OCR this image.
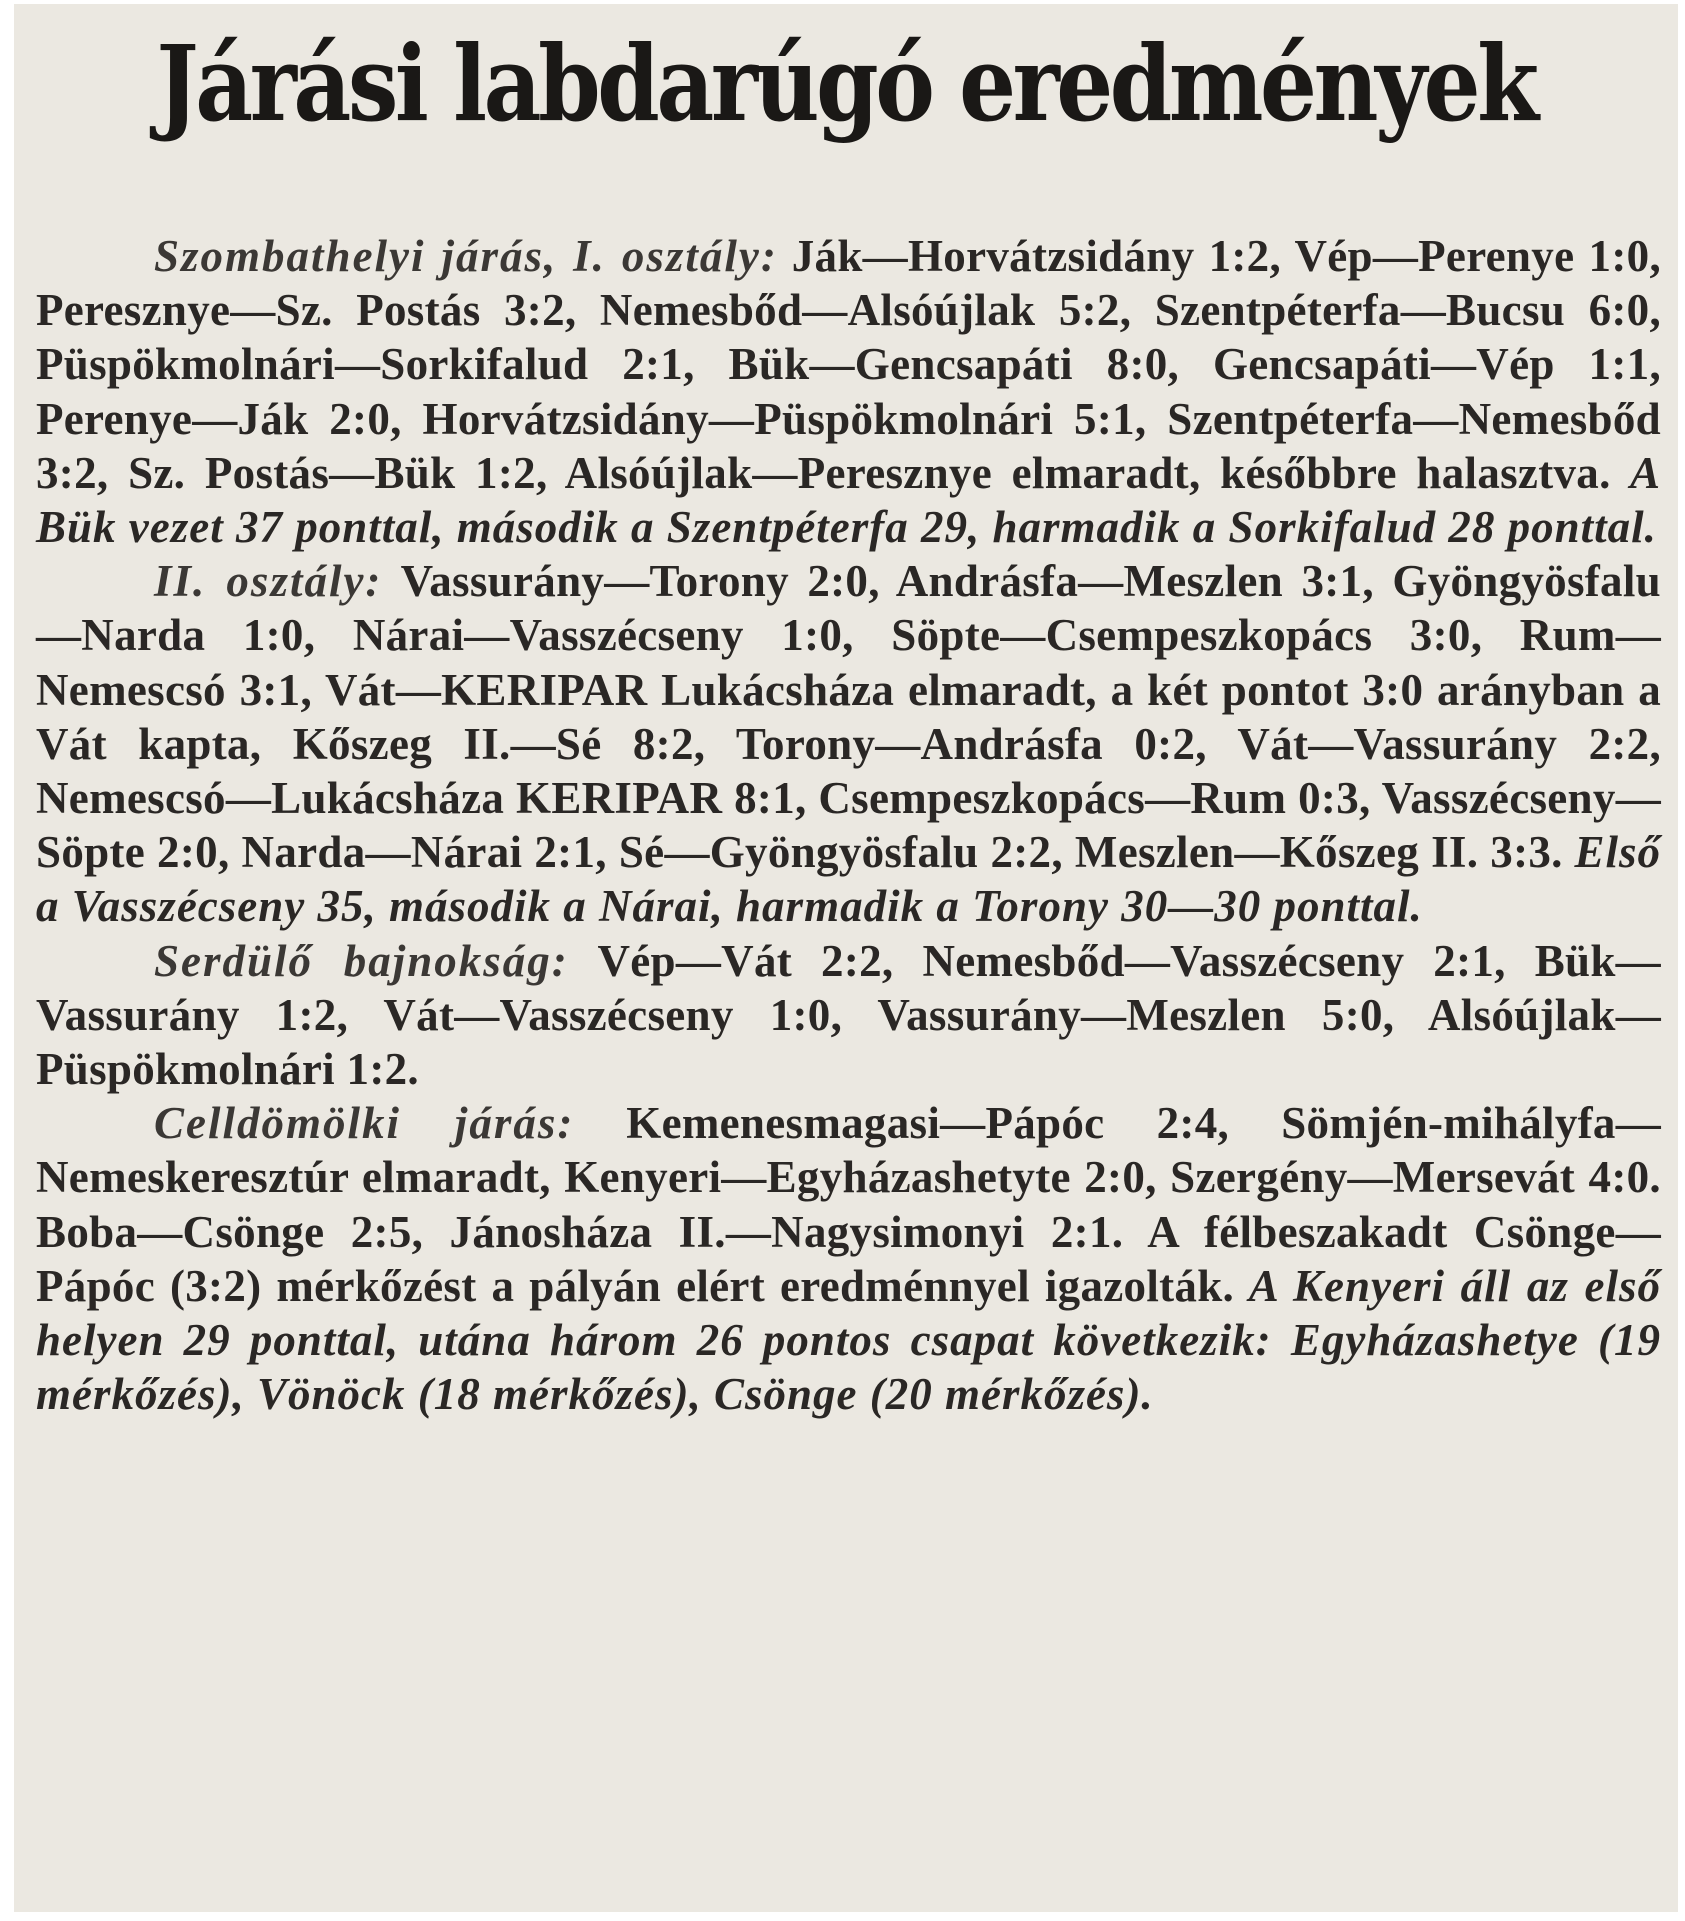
Járási labdarúgó eredmények

Szombathelyi járás, I. osztály: Ják—Horvátzsidány 1:2, Vép—Perenye 1:0, Peresznye—Sz. Postás 3:2, Nemesbőd—Alsóújlak 5:2, Szentpéterfa—Bucsu 6:0, Püspökmolnári—Sorkifalud 2:1, Bük—Gencsapáti 8:0, Gencsapáti—Vép 1:1, Perenye—Ják 2:0, Horvátzsidány—Püspökmolnári 5:1, Szentpéterfa—Nemesbőd 3:2, Sz. Postás—Bük 1:2, Alsóújlak—Peresznye elmaradt, későbbre halasztva. A Bük vezet 37 ponttal, második a Szentpéterfa 29, harmadik a Sorkifalud 28 ponttal.

II. osztály: Vassurány—Torony 2:0, Andrásfa—Meszlen 3:1, Gyöngyösfalu—Narda 1:0, Nárai—Vasszécseny 1:0, Söpte—Csempeszkopács 3:0, Rum—Nemescsó 3:1, Vát—KERIPAR Lukácsháza elmaradt, a két pontot 3:0 arányban a Vát kapta, Kőszeg II.—Sé 8:2, Torony—Andrásfa 0:2, Vát—Vassurány 2:2, Nemescsó—Lukácsháza KERIPAR 8:1, Csempeszkopács—Rum 0:3, Vasszécseny—Söpte 2:0, Narda—Nárai 2:1, Sé—Gyöngyösfalu 2:2, Meszlen—Kőszeg II. 3:3. Első a Vasszécseny 35, második a Nárai, harmadik a Torony 30—30 ponttal.

Serdülő bajnokság: Vép—Vát 2:2, Nemesbőd—Vasszécseny 2:1, Bük—Vassurány 1:2, Vát—Vasszécseny 1:0, Vassurány—Meszlen 5:0, Alsóújlak—Püspökmolnári 1:2.

Celldömölki járás: Kemenesmagasi—Pápóc 2:4, Sömjén-mihályfa—Nemeskeresztúr elmaradt, Kenyeri—Egyházashetyte 2:0, Szergény—Mersevát 4:0. Boba—Csönge 2:5, Jánosháza II.—Nagysimonyi 2:1. A félbeszakadt Csönge—Pápóc (3:2) mérkőzést a pályán elért eredménnyel igazolták. A Kenyeri áll az első helyen 29 ponttal, utána három 26 pontos csapat következik: Egyházashetye (19 mérkőzés), Vönöck (18 mérkőzés), Csönge (20 mérkőzés).
